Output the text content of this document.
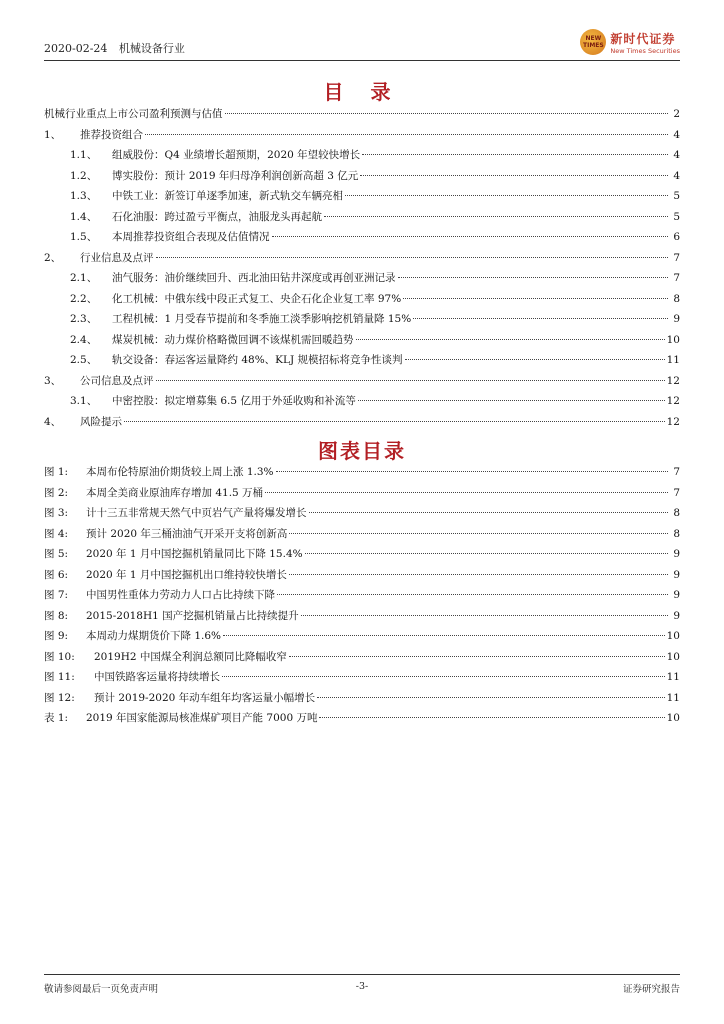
2020-02-24 机械设备行业
NEW TIMES 新时代证券
New Times Securities
目 录
机械行业重点上市公司盈利预测与估值	2
1、	推荐投资组合	4
1.1、	组威股份：Q4 业绩增长超预期，2020 年望较快增长	4
1.2、	博实股份：预计 2019 年归母净利润创新高超 3 亿元	4
1.3、	中铁工业：新签订单逐季加速，新式轨交车辆亮相	5
1.4、	石化油服：跨过盈亏平衡点，油服龙头再起航	5
1.5、	本周推荐投资组合表现及估值情况	6
2、	行业信息及点评	7
2.1、	油气服务：油价继续回升、西北油田钻井深度或再创亚洲记录	7
2.2、	化工机械：中俄东线中段正式复工、央企石化企业复工率 97%	8
2.3、	工程机械：1 月受春节提前和冬季施工淡季影响挖机销量降 15%	9
2.4、	煤炭机械：动力煤价格略微回调不该煤机需回暖趋势	10
2.5、	轨交设备：春运客运量降约 48%、KLJ 规模招标将竞争性谈判	11
3、	公司信息及点评	12
3.1、	中密控股：拟定增募集 6.5 亿用于外延收购和补流等	12
4、	风险提示	12
图表目录
图 1:	本周布伦特原油价期货较上周上涨 1.3%	7
图 2:	本周全美商业原油库存增加 41.5 万桶	7
图 3:	计十三五非常规天然气中页岩气产量将爆发增长	8
图 4:	预计 2020 年三桶油油气开采开支将创新高	8
图 5:	2020 年 1 月中国挖掘机销量同比下降 15.4%	9
图 6:	2020 年 1 月中国挖掘机出口维持较快增长	9
图 7:	中国男性重体力劳动力人口占比持续下降	9
图 8:	2015-2018H1 国产挖掘机销量占比持续提升	9
图 9:	本周动力煤期货价下降 1.6%	10
图 10:	2019H2 中国煤全利润总额同比降幅收窄	10
图 11:	中国铁路客运量将持续增长	11
图 12:	预计 2019-2020 年动车组年均客运量小幅增长	11
表 1:	2019 年国家能源局核准煤矿项目产能 7000 万吨	10
敬请参阅最后一页免责声明	-3-	证券研究报告
